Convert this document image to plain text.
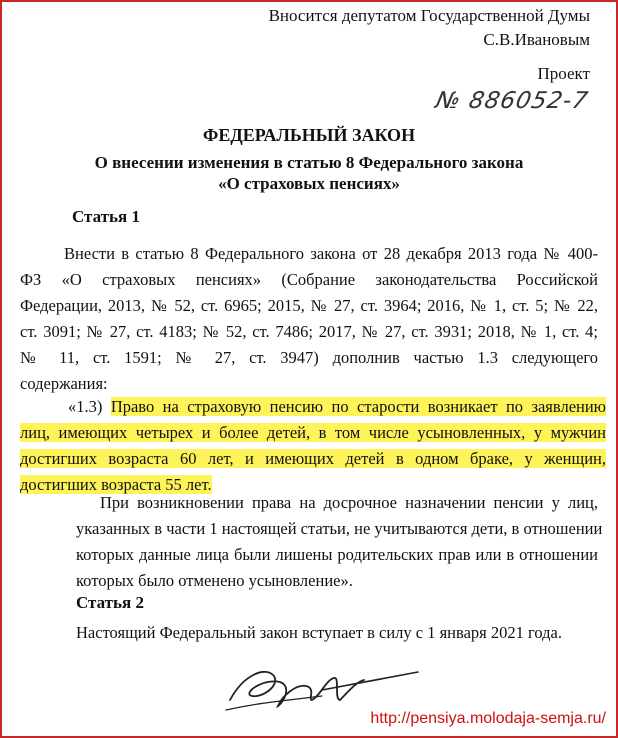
Вносится депутатом Государственной Думы
С.В.Ивановым
Проект
№ 886052-7
ФЕДЕРАЛЬНЫЙ ЗАКОН
О внесении изменения в статью 8 Федерального закона
«О страховых пенсиях»
Статья 1
Внести в статью 8 Федерального закона от 28 декабря 2013 года № 400-
ФЗ «О страховых пенсиях» (Собрание законодательства Российской
Федерации, 2013, № 52, ст. 6965; 2015, № 27, ст. 3964; 2016, № 1, ст. 5; № 22,
ст. 3091; № 27, ст. 4183; № 52, ст. 7486; 2017, № 27, ст. 3931; 2018, № 1, ст. 4;
№ 11, ст. 1591; № 27, ст. 3947) дополнив частью 1.3 следующего
содержания:
«1.3) Право на страховую пенсию по старости возникает по заявлению
лиц, имеющих четырех и более детей, в том числе усыновленных, у мужчин
достигших возраста 60 лет, и имеющих детей в одном браке, у женщин,
достигших возраста 55 лет.
При возникновении права на досрочное назначении пенсии у лиц,
указанных в части 1 настоящей статьи, не учитываются дети, в отношении
которых данные лица были лишены родительских прав или в отношении
которых было отменено усыновление».
Статья 2
Настоящий Федеральный закон вступает в силу с 1 января 2021 года.
http://pensiya.molodaja-semja.ru/
